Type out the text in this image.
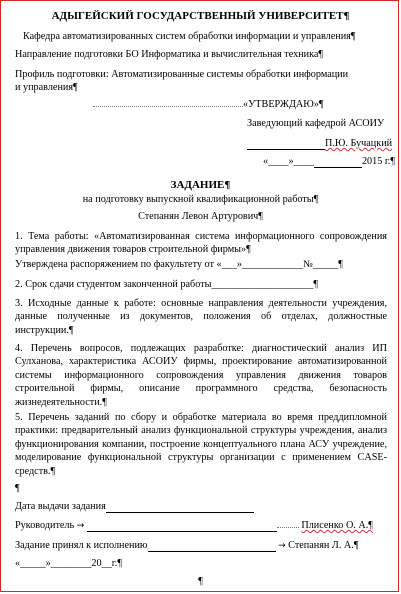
АДЫГЕЙСКИЙ ГОСУДАРСТВЕННЫЙ УНИВЕРСИТЕТ¶
Кафедра автоматизированных систем обработки информации и управления¶
Направление подготовки БО Информатика и вычислительная техника¶
Профиль подготовки: Автоматизированные системы обработки информации
и управления¶
«УТВЕРЖДАЮ»¶
Заведующий кафедрой АСОИУ
П.Ю. Бучацкий
«____»____	2015 г.¶
ЗАДАНИЕ¶
на подготовку выпускной квалификационной работы¶
Степанян Левон Артурович¶
1. Тема работы: «Автоматизированная система информационного сопровождения управления движения товаров строительной фирмы»¶
Утверждена распоряжением по факультету от «___»____________№_____¶
2. Срок сдачи студентом законченной работы____________________¶
3. Исходные данные к работе: основные направления деятельности учреждения, данные полученные из документов, положения об отделах, должностные инструкции.¶
4. Перечень вопросов, подлежащих разработке: диагностический анализ ИП Сулханова, характеристика АСОИУ фирмы, проектирование автоматизированной системы информационного сопровождения управления движения товаров строительной фирмы, описание программного средства, безопасность жизнедеятельности.¶
5. Перечень заданий по сбору и обработке материала во время преддипломной практики: предварительный анализ функциональной структуры учреждения, анализ функционирования компании, построение концептуального плана АСУ учреждение, моделирование функциональной структуры организации с применением CASE-средств.¶
¶
Дата выдачи задания
Руководитель →	Плисенко О. А.¶
Задание принял к исполнению	→ Степанян Л. А.¶
«_____»________20__г.¶
¶
